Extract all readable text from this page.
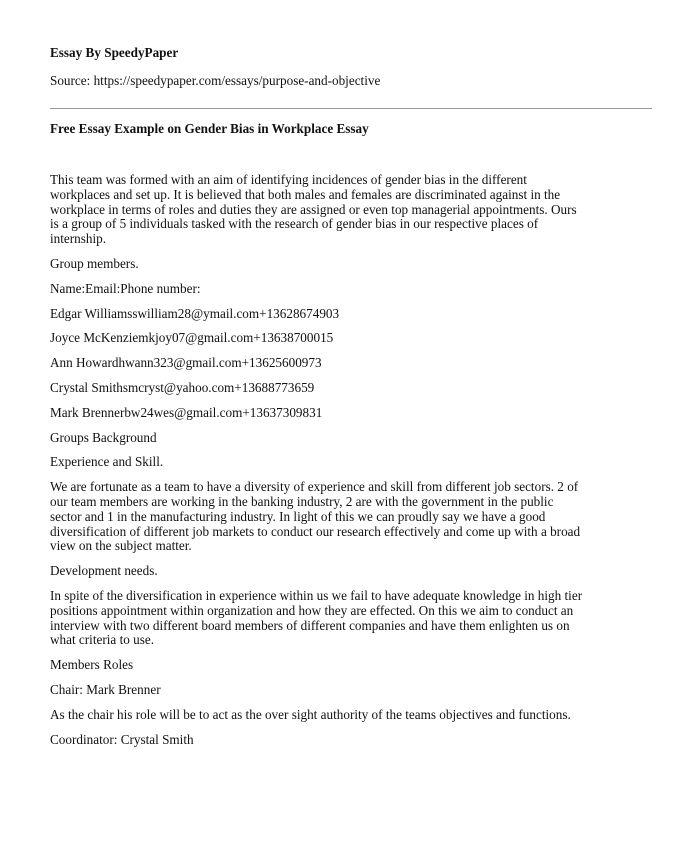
Essay By SpeedyPaper
Source: https://speedypaper.com/essays/purpose-and-objective
Free Essay Example on Gender Bias in Workplace Essay
This team was formed with an aim of identifying incidences of gender bias in the different
workplaces and set up. It is believed that both males and females are discriminated against in the
workplace in terms of roles and duties they are assigned or even top managerial appointments. Ours
is a group of 5 individuals tasked with the research of gender bias in our respective places of
internship.
Group members.
Name:Email:Phone number:
Edgar Williamsswilliam28@ymail.com+13628674903
Joyce McKenziemkjoy07@gmail.com+13638700015
Ann Howardhwann323@gmail.com+13625600973
Crystal Smithsmcryst@yahoo.com+13688773659
Mark Brennerbw24wes@gmail.com+13637309831
Groups Background
Experience and Skill.
We are fortunate as a team to have a diversity of experience and skill from different job sectors. 2 of
our team members are working in the banking industry, 2 are with the government in the public
sector and 1 in the manufacturing industry. In light of this we can proudly say we have a good
diversification of different job markets to conduct our research effectively and come up with a broad
view on the subject matter.
Development needs.
In spite of the diversification in experience within us we fail to have adequate knowledge in high tier
positions appointment within organization and how they are effected. On this we aim to conduct an
interview with two different board members of different companies and have them enlighten us on
what criteria to use.
Members Roles
Chair: Mark Brenner
As the chair his role will be to act as the over sight authority of the teams objectives and functions.
Coordinator: Crystal Smith
